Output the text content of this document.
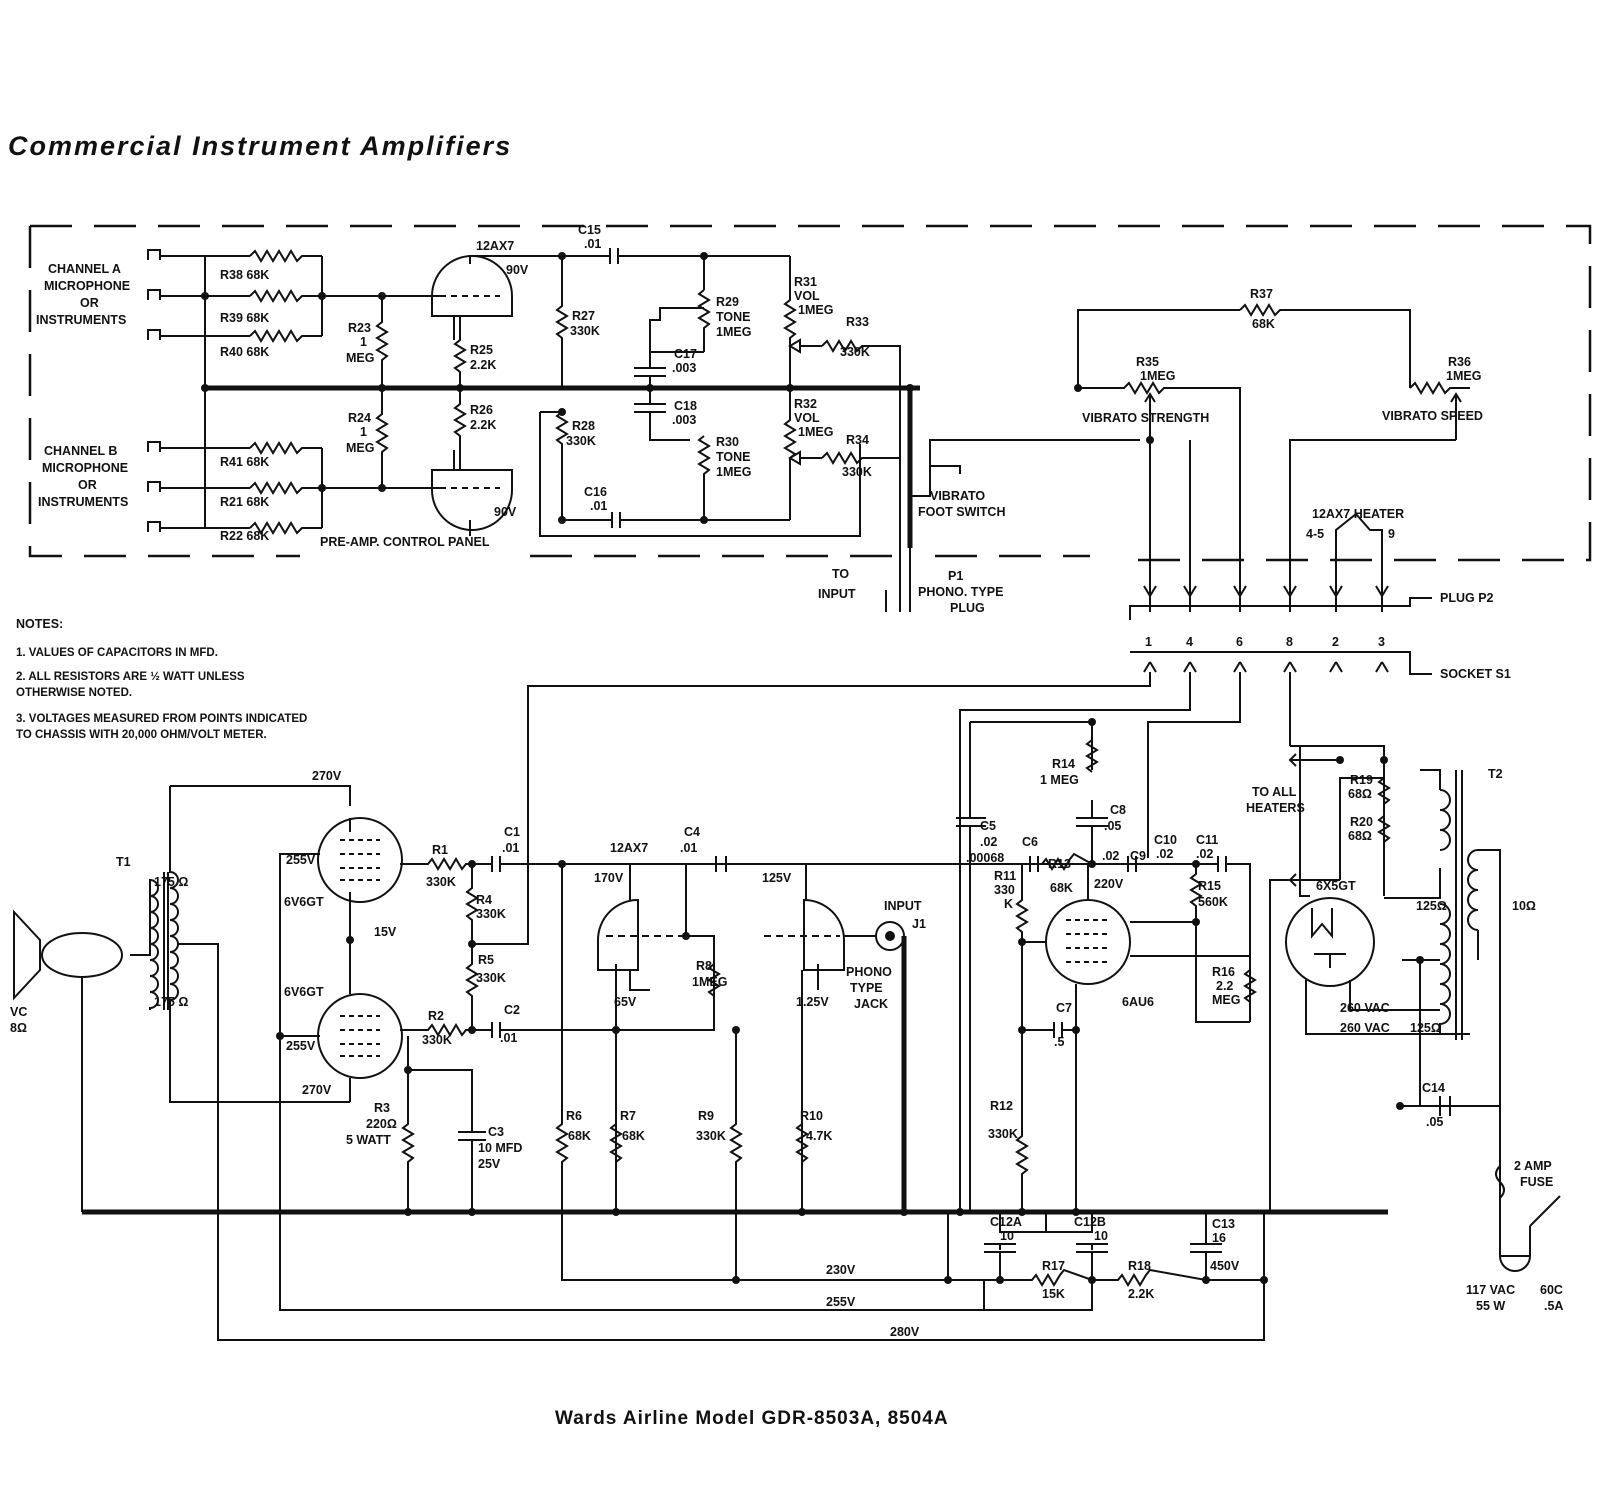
Commercial Instrument Amplifiers
Wards Airline Model GDR-8503A, 8504A
NOTES:
1. VALUES OF CAPACITORS IN MFD.
2. ALL RESISTORS ARE ½ WATT UNLESS
OTHERWISE NOTED.
3. VOLTAGES MEASURED FROM POINTS INDICATED
TO CHASSIS WITH 20,000 OHM/VOLT METER.
CHANNEL A
MICROPHONE
OR
INSTRUMENTS
CHANNEL B
MICROPHONE
OR
INSTRUMENTS
R38 68K
R39 68K
R40 68K
R41 68K
R21 68K
R22 68K
R23
1
MEG
R24
1
MEG
12AX7
90V
90V
PRE-AMP. CONTROL PANEL
R25
2.2K
R26
2.2K
R27
330K
R28
330K
C15
.01
C16
.01
C17
.003
C18
.003
R29
TONE
1MEG
R30
TONE
1MEG
R31
VOL
1MEG
R32
VOL
1MEG
R33
330K
R34
330K
VIBRATO
FOOT SWITCH
TO
INPUT
P1
PHONO. TYPE
PLUG
R37
68K
R35
1MEG
VIBRATO STRENGTH
R36
1MEG
VIBRATO SPEED
12AX7 HEATER
4-5	9
PLUG P2
SOCKET S1
1	4	6	8	2	3
VC
8Ω
T1
175 Ω
175 Ω
270V
270V
255V
255V
6V6GT
6V6GT
15V
R1
330K
R2
330K
R3
220Ω
5 WATT
C3
10 MFD
25V
R4
330K
R5
330K
C1
.01
C2
.01
12AX7
C4
.01
170V	125V
65V	1.25V
R8
1MEG
INPUT
J1
PHONO
TYPE
JACK
R6
68K
R7
68K
R9
330K
R10
4.7K
R14
1 MEG
C5
.02 C6
.00068
C8
.05
R13
68K 220V
C9
.02
C10
.02
C11
.02
R11
330
K
R15
560K
6AU6
R16
2.2
MEG
C7
.5
R12
330K
TO ALL
HEATERS
R19
68Ω
R20
68Ω
6X5GT
T2
10Ω
125Ω
125Ω
260 VAC
260 VAC
C14
.05
2 AMP
FUSE
117 VAC
55 W
60C
.5A
C12A
10
C12B
10
C13
16
450V
R17
15K
R18
2.2K
230V
255V
280V
